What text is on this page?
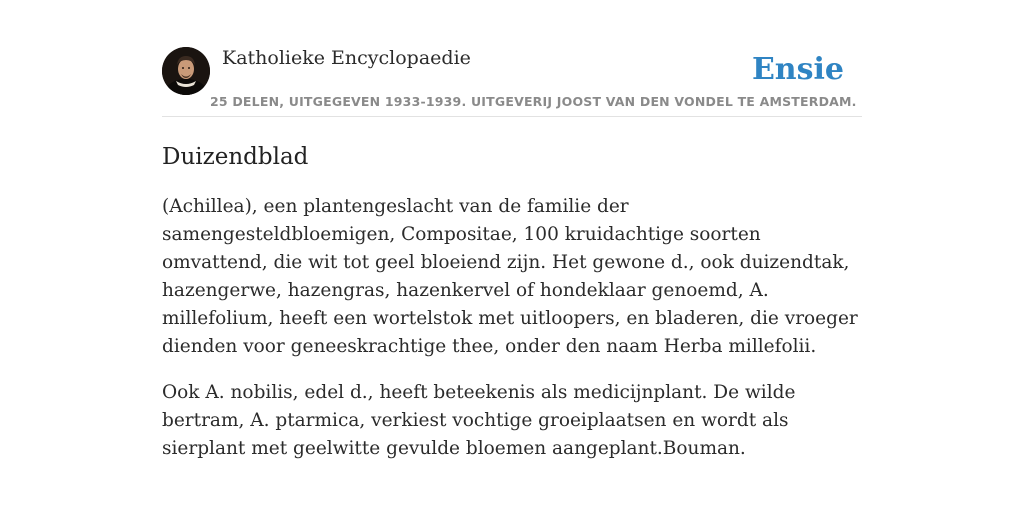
Katholieke Encyclopaedie
25 DELEN, UITGEGEVEN 1933-1939. UITGEVERIJ JOOST VAN DEN VONDEL TE AMSTERDAM.
Ensie
Duizendblad

(Achillea), een plantengeslacht van de familie der samengesteldbloemigen, Compositae, 100 kruidachtige soorten omvattend, die wit tot geel bloeiend zijn. Het gewone d., ook duizendtak, hazengerwe, hazengras, hazenkervel of hondeklaar genoemd, A. millefolium, heeft een wortelstok met uitloopers, en bladeren, die vroeger dienden voor geneeskrachtige thee, onder den naam Herba millefolii.

Ook A. nobilis, edel d., heeft beteekenis als medicijnplant. De wilde bertram, A. ptarmica, verkiest vochtige groeiplaatsen en wordt als sierplant met geelwitte gevulde bloemen aangeplant.Bouman.
